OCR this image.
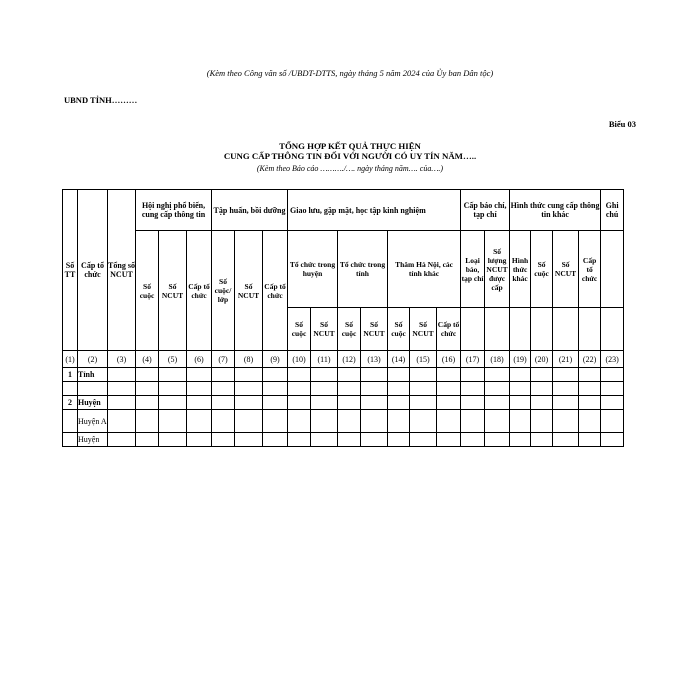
(Kèm theo Công văn số /UBDT-DTTS, ngày tháng 5 năm 2024 của Ủy ban Dân tộc)
UBND TỈNH………
Biểu 03
TỔNG HỢP KẾT QUẢ THỰC HIỆN
CUNG CẤP THÔNG TIN ĐỐI VỚI NGƯỜI CÓ UY TÍN NĂM…..
(Kèm theo Báo cáo ………./…. ngày tháng năm…. của….)
Số TT	Cấp tổ chức	Tổng số NCUT	Hội nghị phổ biến, cung cấp thông tin			Tập huấn, bồi dưỡng			Giao lưu, gặp mặt, học tập kinh nghiệm							Cấp báo chí, tạp chí		Hình thức cung cấp thông tin khác				Ghi chú
			Số cuộc	Số NCUT	Cấp tổ chức	Số cuộc/ lớp	Số NCUT	Cấp tổ chức	Tổ chức trong huyện		Tổ chức trong tỉnh		Thăm Hà Nội, các tỉnh khác			Loại báo, tạp chí	Số lượng NCUT được cấp	Hình thức khác	Số cuộc	Số NCUT	Cấp tổ chức	
									Số cuộc	Số NCUT	Số cuộc	Số NCUT	Số cuộc	Số NCUT	Cấp tổ chức							
(1)	(2)	(3)	(4)	(5)	(6)	(7)	(8)	(9)	(10)	(11)	(12)	(13)	(14)	(15)	(16)	(17)	(18)	(19)	(20)	(21)	(22)	(23)
1	Tỉnh																					

2	Huyện																					
	Huyện A																					
	Huyện																					
